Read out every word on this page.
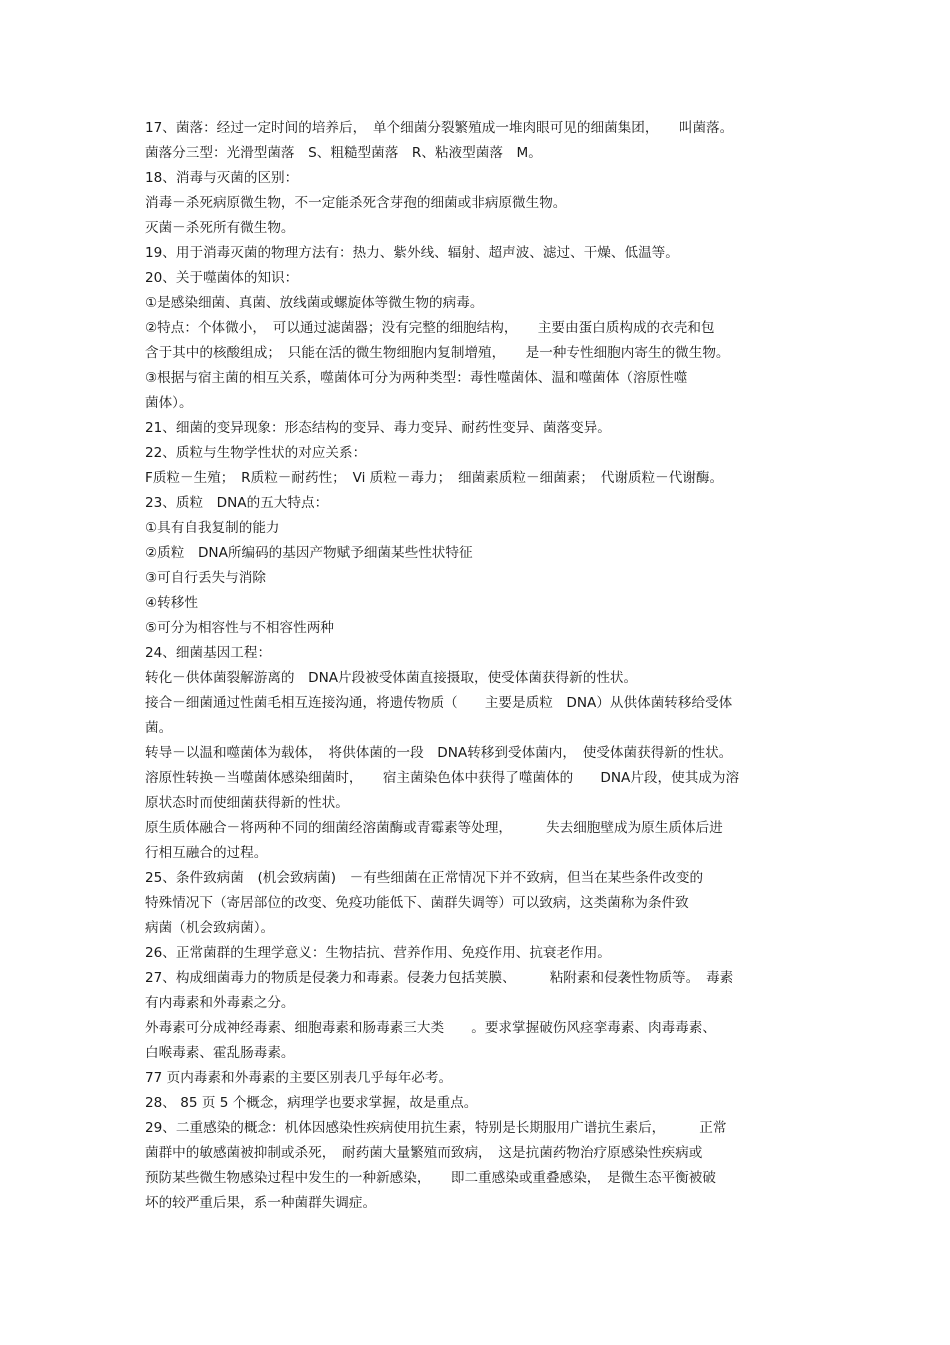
17、菌落：经过一定时间的培养后，　单个细菌分裂繁殖成一堆肉眼可见的细菌集团，　　叫菌落。
菌落分三型：光滑型菌落　S、粗糙型菌落　R、粘液型菌落　M。
18、消毒与灭菌的区别：
消毒－杀死病原微生物，不一定能杀死含芽孢的细菌或非病原微生物。
灭菌－杀死所有微生物。
19、用于消毒灭菌的物理方法有：热力、紫外线、辐射、超声波、滤过、干燥、低温等。
20、关于噬菌体的知识：
①是感染细菌、真菌、放线菌或螺旋体等微生物的病毒。
②特点：个体微小，　可以通过滤菌器；没有完整的细胞结构，　　主要由蛋白质构成的衣壳和包
含于其中的核酸组成；　只能在活的微生物细胞内复制增殖，　　是一种专性细胞内寄生的微生物。
③根据与宿主菌的相互关系，噬菌体可分为两种类型：毒性噬菌体、温和噬菌体（溶原性噬
菌体）。
21、细菌的变异现象：形态结构的变异、毒力变异、耐药性变异、菌落变异。
22、质粒与生物学性状的对应关系：
F质粒－生殖；　R质粒－耐药性；　Vi 质粒－毒力；　细菌素质粒－细菌素；　代谢质粒－代谢酶。
23、质粒　DNA的五大特点：
①具有自我复制的能力
②质粒　DNA所编码的基因产物赋予细菌某些性状特征
③可自行丢失与消除
④转移性
⑤可分为相容性与不相容性两种
24、细菌基因工程：
转化－供体菌裂解游离的　DNA片段被受体菌直接摄取，使受体菌获得新的性状。
接合－细菌通过性菌毛相互连接沟通，将遗传物质（　　主要是质粒　DNA）从供体菌转移给受体
菌。
转导－以温和噬菌体为载体，　将供体菌的一段　DNA转移到受体菌内，　使受体菌获得新的性状。
溶原性转换－当噬菌体感染细菌时，　　宿主菌染色体中获得了噬菌体的　　DNA片段，使其成为溶
原状态时而使细菌获得新的性状。
原生质体融合－将两种不同的细菌经溶菌酶或青霉素等处理，　　　失去细胞壁成为原生质体后进
行相互融合的过程。
25、条件致病菌　(机会致病菌)　－有些细菌在正常情况下并不致病，但当在某些条件改变的
特殊情况下（寄居部位的改变、免疫功能低下、菌群失调等）可以致病，这类菌称为条件致
病菌（机会致病菌）。
26、正常菌群的生理学意义：生物拮抗、营养作用、免疫作用、抗衰老作用。
27、构成细菌毒力的物质是侵袭力和毒素。侵袭力包括荚膜、　　　粘附素和侵袭性物质等。　毒素
有内毒素和外毒素之分。
外毒素可分成神经毒素、细胞毒素和肠毒素三大类　　。要求掌握破伤风痉挛毒素、肉毒毒素、
白喉毒素、霍乱肠毒素。
77 页内毒素和外毒素的主要区别表几乎每年必考。
28、 85 页 5 个概念，病理学也要求掌握，故是重点。
29、二重感染的概念：机体因感染性疾病使用抗生素，特别是长期服用广谱抗生素后，　　　正常
菌群中的敏感菌被抑制或杀死，　耐药菌大量繁殖而致病，　这是抗菌药物治疗原感染性疾病或
预防某些微生物感染过程中发生的一种新感染，　　即二重感染或重叠感染，　是微生态平衡被破
坏的较严重后果，系一种菌群失调症。
